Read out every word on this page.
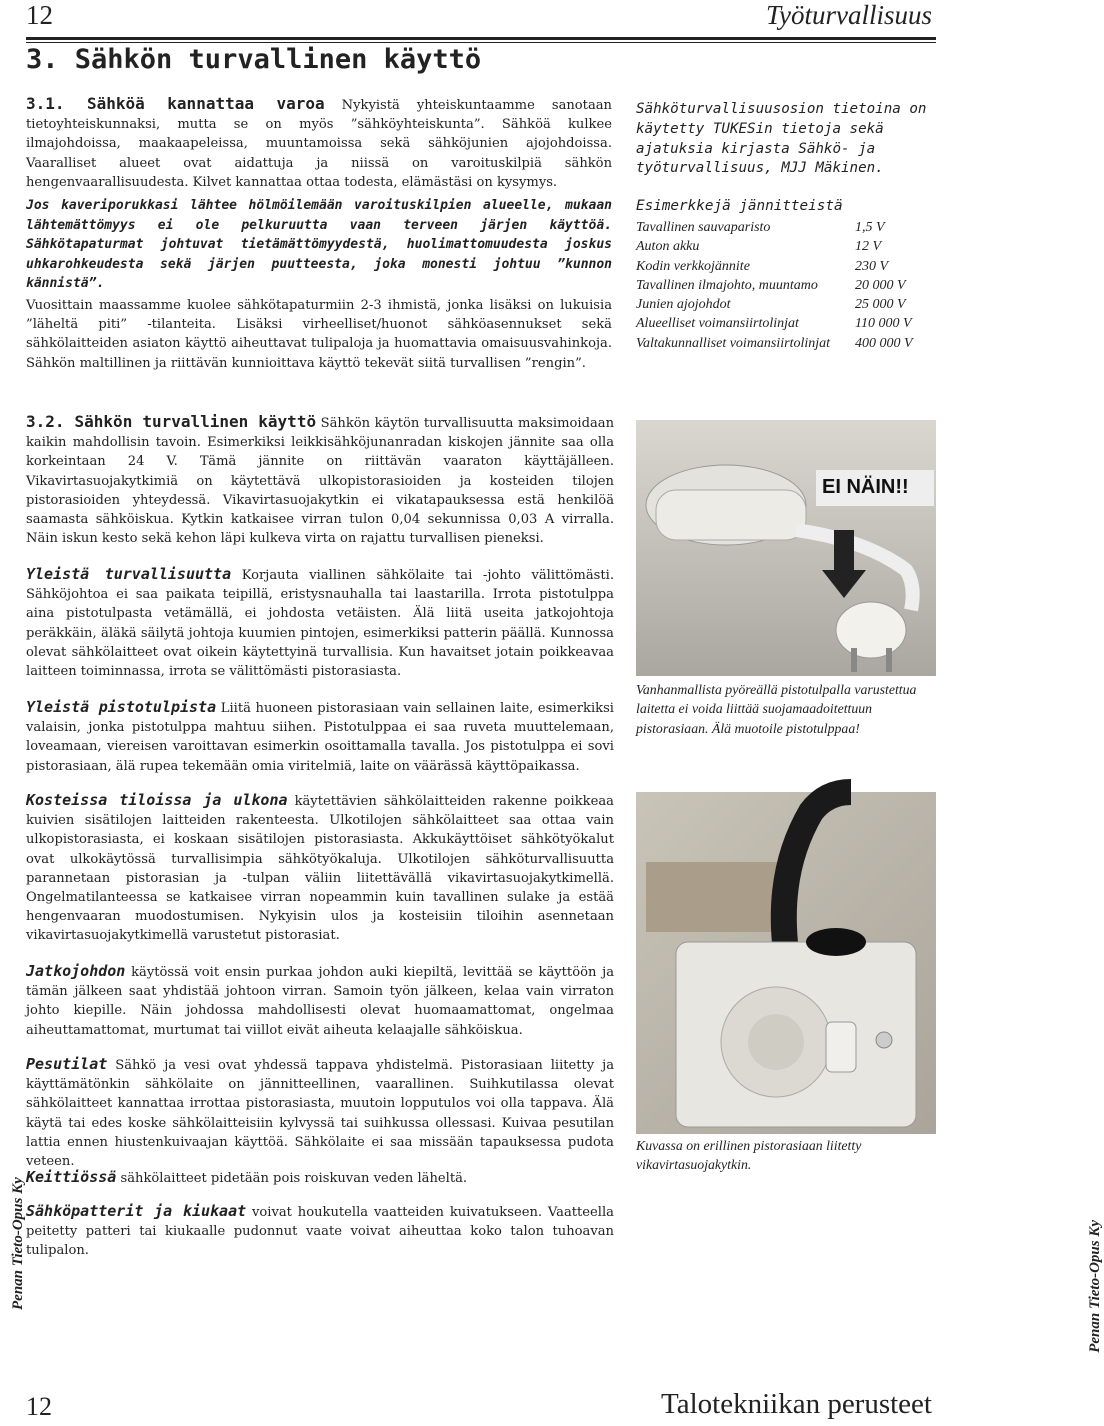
12	Työturvallisuus
3. Sähkön turvallinen käyttö
3.1. Sähköä kannattaa varoa Nykyistä yhteiskuntaamme sanotaan tietoyhteiskunnaksi, mutta se on myös ”sähköyhteiskunta”. Sähköä kulkee ilmajohdoissa, maakaapeleissa, muuntamoissa sekä sähköjunien ajojohdoissa. Vaaralliset alueet ovat aidattuja ja niissä on varoituskilpiä sähkön hengenvaarallisuudesta. Kilvet kannattaa ottaa todesta, elämästäsi on kysymys.
Jos kaveriporukkasi lähtee hölmöilemään varoituskilpien alueelle, mukaan lähtemättömyys ei ole pelkuruutta vaan terveen järjen käyttöä. Sähkötapaturmat johtuvat tietämättömyydestä, huolimattomuudesta joskus uhkarohkeudesta sekä järjen puutteesta, joka monesti johtuu ”kunnon kännistä”.
Vuosittain maassamme kuolee sähkötapaturmiin 2-3 ihmistä, jonka lisäksi on lukuisia ”läheltä piti” -tilanteita. Lisäksi virheelliset/huonot sähköasennukset sekä sähkölaitteiden asiaton käyttö aiheuttavat tulipaloja ja huomattavia omaisuusvahinkoja. Sähkön maltillinen ja riittävän kunnioittava käyttö tekevät siitä turvallisen ”rengin”.
Sähköturvallisuusosion tietoina on käytetty TUKESin tietoja sekä ajatuksia kirjasta Sähkö- ja työturvallisuus, MJJ Mäkinen.
Esimerkkejä jännitteistä
Tavallinen sauvaparisto	1,5 V
Auton akku	12 V
Kodin verkkojännite	230 V
Tavallinen ilmajohto, muuntamo	20 000 V
Junien ajojohdot	25 000 V
Alueelliset voimansiirtolinjat	110 000 V
Valtakunnalliset voimansiirtolinjat	400 000 V
3.2. Sähkön turvallinen käyttö Sähkön käytön turvallisuutta maksimoidaan kaikin mahdollisin tavoin. Esimerkiksi leikkisähköjunanradan kiskojen jännite saa olla korkeintaan 24 V. Tämä jännite on riittävän vaaraton käyttäjälleen. Vikavirtasuojakytkimiä on käytettävä ulkopistorasioiden ja kosteiden tilojen pistorasioiden yhteydessä. Vikavirtasuojakytkin ei vikatapauksessa estä henkilöä saamasta sähköiskua. Kytkin katkaisee virran tulon 0,04 sekunnissa 0,03 A virralla. Näin iskun kesto sekä kehon läpi kulkeva virta on rajattu turvallisen pieneksi.
Yleistä turvallisuutta Korjauta viallinen sähkölaite tai -johto välittömästi. Sähköjohtoa ei saa paikata teipillä, eristysnauhalla tai laastarilla. Irrota pistotulppa aina pistotulpasta vetämällä, ei johdosta vetäisten. Älä liitä useita jatkojohtoja peräkkäin, äläkä säilytä johtoja kuumien pintojen, esimerkiksi patterin päällä. Kunnossa olevat sähkölaitteet ovat oikein käytettyinä turvallisia. Kun havaitset jotain poikkeavaa laitteen toiminnassa, irrota se välittömästi pistorasiasta.
Yleistä pistotulpista Liitä huoneen pistorasiaan vain sellainen laite, esimerkiksi valaisin, jonka pistotulppa mahtuu siihen. Pistotulppaa ei saa ruveta muuttelemaan, loveamaan, viereisen varoittavan esimerkin osoittamalla tavalla. Jos pistotulppa ei sovi pistorasiaan, älä rupea tekemään omia viritelmiä, laite on väärässä käyttöpaikassa.
Kosteissa tiloissa ja ulkona käytettävien sähkölaitteiden rakenne poikkeaa kuivien sisätilojen laitteiden rakenteesta. Ulkotilojen sähkölaitteet saa ottaa vain ulkopistorasiasta, ei koskaan sisätilojen pistorasiasta. Akkukäyttöiset sähkötyökalut ovat ulkokäytössä turvallisimpia sähkötyökaluja. Ulkotilojen sähköturvallisuutta parannetaan pistorasian ja -tulpan väliin liitettävällä vikavirtasuojakytkimellä. Ongelmatilanteessa se katkaisee virran nopeammin kuin tavallinen sulake ja estää hengenvaaran muodostumisen. Nykyisin ulos ja kosteisiin tiloihin asennetaan vikavirtasuojakytkimellä varustetut pistorasiat.
Jatkojohdon käytössä voit ensin purkaa johdon auki kiepiltä, levittää se käyttöön ja tämän jälkeen saat yhdistää johtoon virran. Samoin työn jälkeen, kelaa vain virraton johto kiepille. Näin johdossa mahdollisesti olevat huomaamattomat, ongelmaa aiheuttamattomat, murtumat tai viillot eivät aiheuta kelaajalle sähköiskua.
Pesutilat Sähkö ja vesi ovat yhdessä tappava yhdistelmä. Pistorasiaan liitetty ja käyttämätönkin sähkölaite on jännitteellinen, vaarallinen. Suihkutilassa olevat sähkölaitteet kannattaa irrottaa pistorasiasta, muutoin lopputulos voi olla tappava. Älä käytä tai edes koske sähkölaitteisiin kylvyssä tai suihkussa ollessasi. Kuivaa pesutilan lattia ennen hiustenkuivaajan käyttöä. Sähkölaite ei saa missään tapauksessa pudota veteen.
Keittiössä sähkölaitteet pidetään pois roiskuvan veden läheltä.
Sähköpatterit ja kiukaat voivat houkutella vaatteiden kuivatukseen. Vaatteella peitetty patteri tai kiukaalle pudonnut vaate voivat aiheuttaa koko talon tuhoavan tulipalon.
EI NÄIN!!
Vanhanmallista pyöreällä pistotulpalla varustettua laitetta ei voida liittää suojamaadoitettuun pistorasiaan. Älä muotoile pistotulppaa!
Kuvassa on erillinen pistorasiaan liitetty vikavirtasuojakytkin.
Penan Tieto-Opus Ky	Penan Tieto-Opus Ky
12	Talotekniikan perusteet
